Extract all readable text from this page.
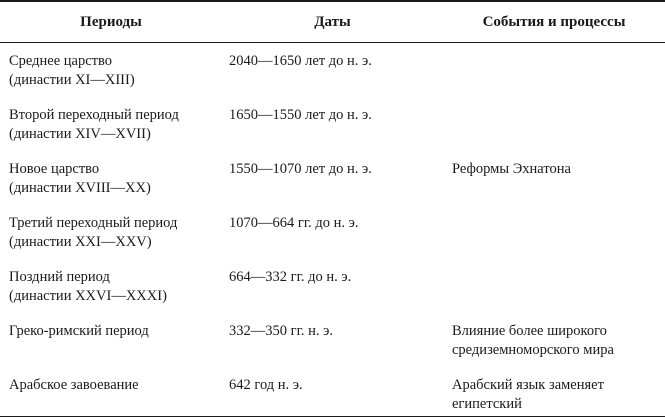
Периоды	Даты	События и процессы

Среднее царство
(династии XI—XIII)	2040—1650 лет до н. э.	

Второй переходный период
(династии XIV—XVII)	1650—1550 лет до н. э.	

Новое царство
(династии XVIII—XX)	1550—1070 лет до н. э.	Реформы Эхнатона

Третий переходный период
(династии XXI—XXV)	1070—664 гг. до н. э.	

Поздний период
(династии XXVI—XXXI)	664—332 гг. до н. э.	

Греко-римский период	332—350 гг. н. э.	Влияние более широкого
средиземноморского мира

Арабское завоевание	642 год н. э.	Арабский язык заменяет
египетский
